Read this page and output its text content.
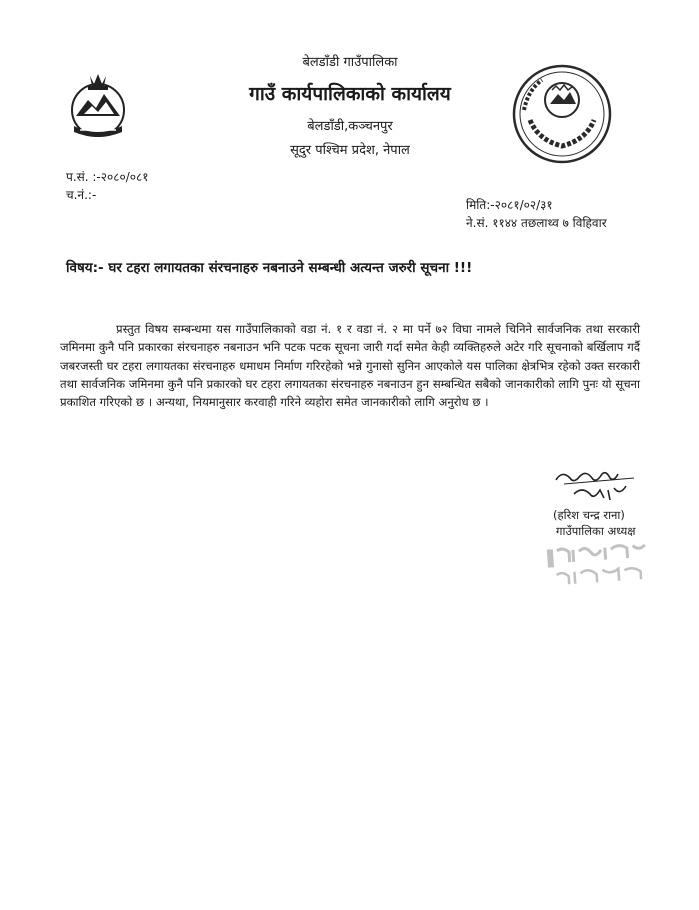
बेलडाँडी गाउँपालिका
गाउँ कार्यपालिकाको कार्यालय
बेलडाँडी,कञ्चनपुर
सूदुर पश्चिम प्रदेश, नेपाल
प.सं. :-२०८०/०८१
च.नं.:-
मिति:-२०८१/०२/३१
ने.सं. ११४४ तछलाथ्व ७ विहिवार
विषय:- घर टहरा लगायतका संरचनाहरु नबनाउने सम्बन्धी अत्यन्त जरुरी सूचना !!!
प्रस्तुत विषय सम्बन्धमा यस गाउँपालिकाको वडा नं. १ र वडा नं. २ मा पर्ने ७२ विघा नामले चिनिने सार्वजनिक तथा सरकारी जमिनमा कुनै पनि प्रकारका संरचनाहरु नबनाउन भनि पटक पटक सूचना जारी गर्दा समेत केही व्यक्तिहरुले अटेर गरि सूचनाको बर्खिलाप गर्दै जबरजस्ती घर टहरा लगायतका संरचनाहरु धमाधम निर्माण गरिरहेको भन्ने गुनासो सुनिन आएकोले यस पालिका क्षेत्रभित्र रहेको उक्त सरकारी तथा सार्वजनिक जमिनमा कुनै पनि प्रकारको घर टहरा लगायतका संरचनाहरु नबनाउन हुन सम्बन्धित सबैको जानकारीको लागि पुनः यो सूचना प्रकाशित गरिएको छ । अन्यथा, नियमानुसार करवाही गरिने व्यहोरा समेत जानकारीको लागि अनुरोध छ ।
(हरिश चन्द्र राना)
गाउँपालिका अध्यक्ष
